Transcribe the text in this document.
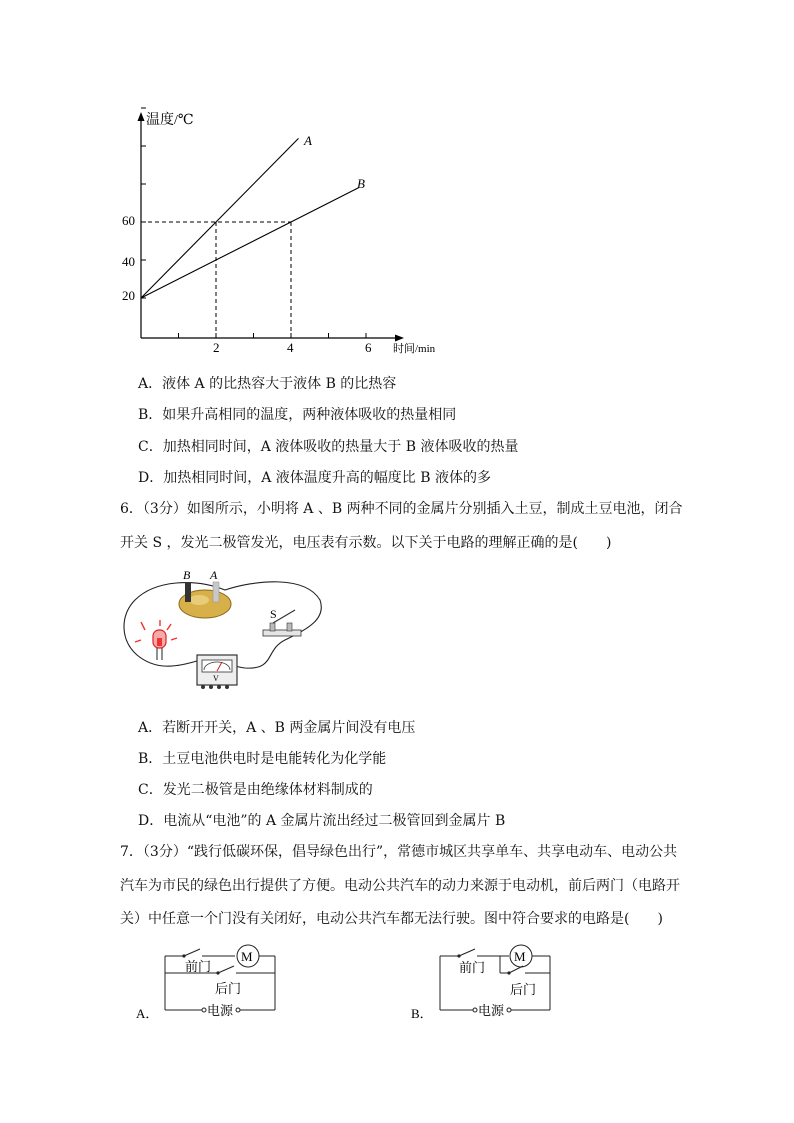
温度/℃
时间/min
A
B
60
40
20
2	4	6
A．液体 A 的比热容大于液体 B 的比热容
B．如果升高相同的温度，两种液体吸收的热量相同
C．加热相同时间，A 液体吸收的热量大于 B 液体吸收的热量
D．加热相同时间，A 液体温度升高的幅度比 B 液体的多
6．（3分）如图所示，小明将 A 、B 两种不同的金属片分别插入土豆，制成土豆电池，闭合
开关 S ，发光二极管发光，电压表有示数。以下关于电路的理解正确的是(　　)
B A
V
S
A．若断开开关，A 、B 两金属片间没有电压
B．土豆电池供电时是电能转化为化学能
C．发光二极管是由绝缘体材料制成的
D．电流从“电池”的 A 金属片流出经过二极管回到金属片 B
7．（3分）“践行低碳环保，倡导绿色出行”，常德市城区共享单车、共享电动车、电动公共
汽车为市民的绿色出行提供了方便。电动公共汽车的动力来源于电动机，前后两门（电路开
关）中任意一个门没有关闭好，电动公共汽车都无法行驶。图中符合要求的电路是(　　)
M
前门
后门
电源
A．
M
前门
后门
电源
B．
